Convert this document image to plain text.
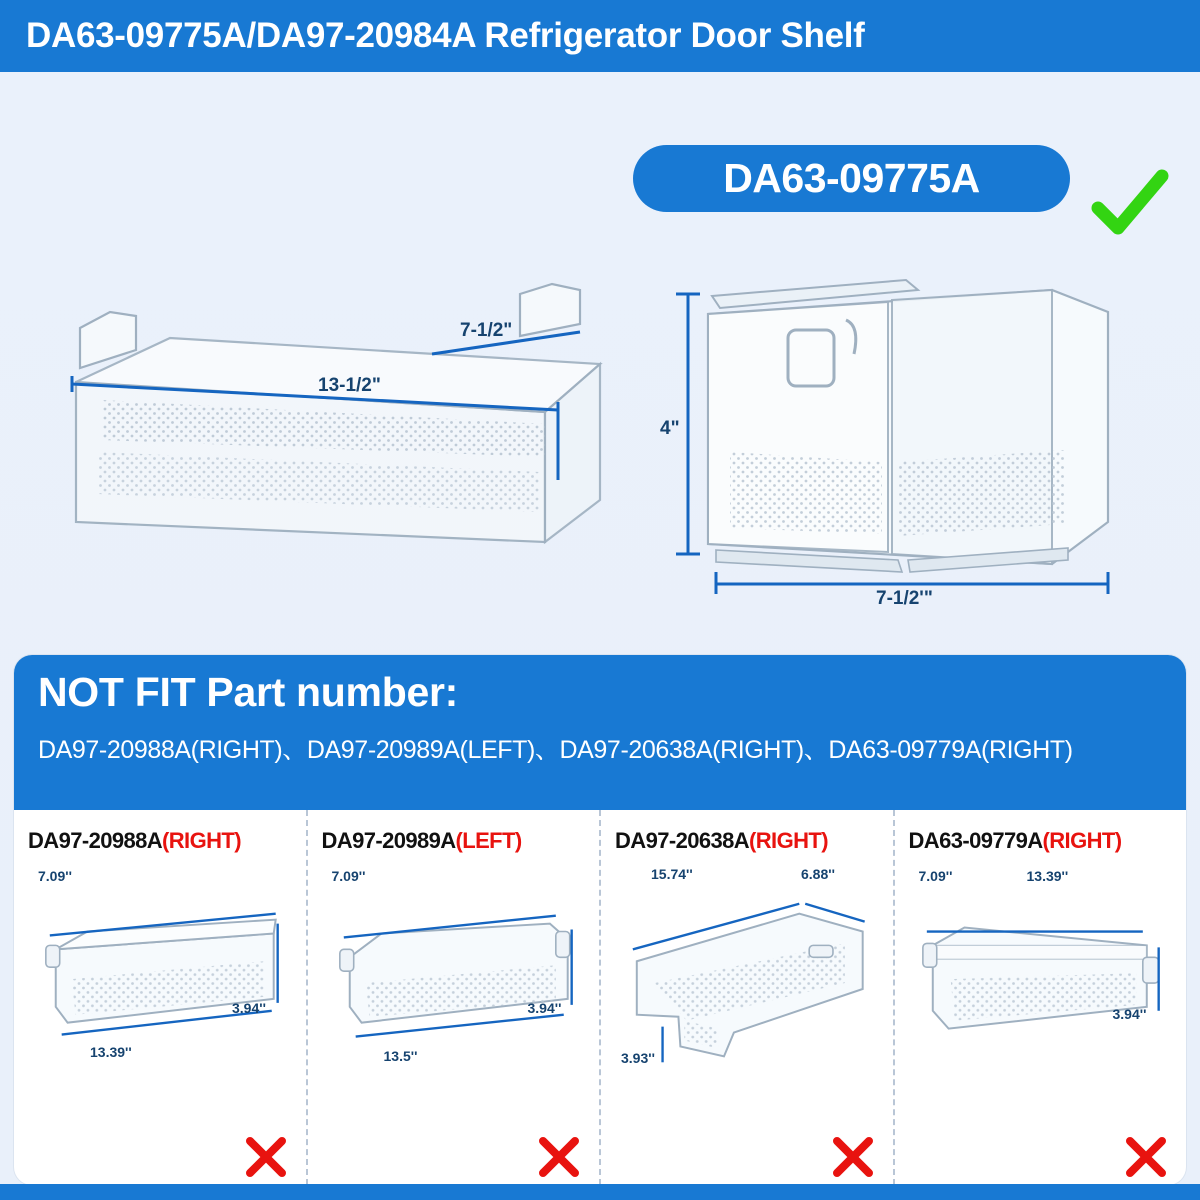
DA63-09775A/DA97-20984A Refrigerator Door Shelf
DA63-09775A
13-1/2"
7-1/2"
4"
7-1/2'"
NOT FIT Part number:
DA97-20988A(RIGHT)、DA97-20989A(LEFT)、DA97-20638A(RIGHT)、DA63-09779A(RIGHT)
DA97-20988A(RIGHT)
7.09''
13.39''
3.94''
DA97-20989A(LEFT)
7.09''
13.5''
3.94''
DA97-20638A(RIGHT)
15.74''	6.88''
3.93''
DA63-09779A(RIGHT)
7.09''	13.39''
3.94''
